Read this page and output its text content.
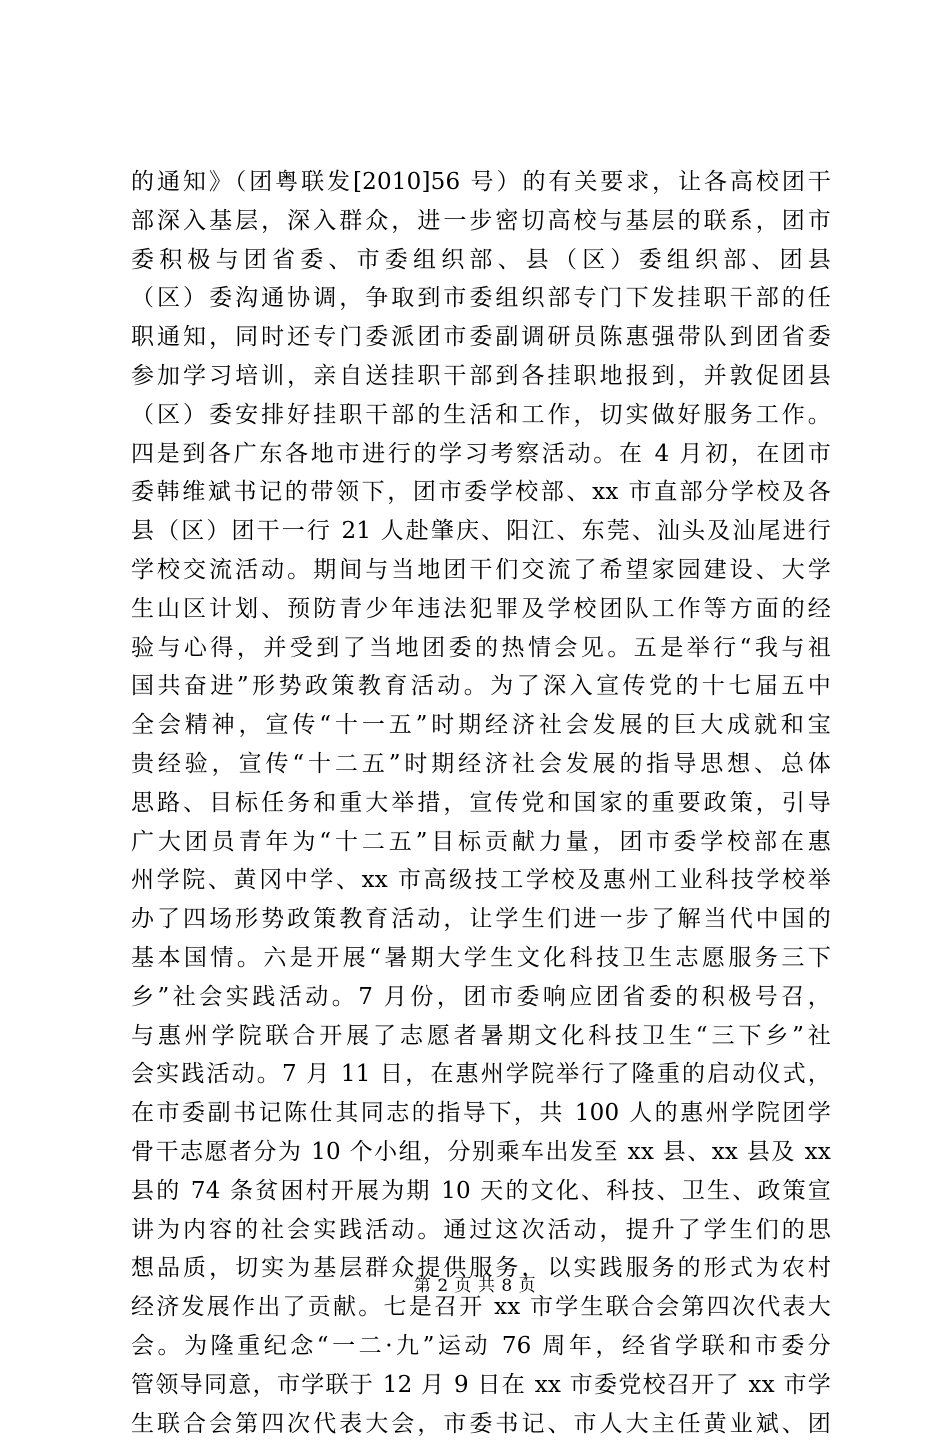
的通知》（团粤联发[2010]56 号）的有关要求，让各高校团干
部深入基层，深入群众，进一步密切高校与基层的联系，团市
委积极与团省委、市委组织部、县（区）委组织部、团县
（区）委沟通协调，争取到市委组织部专门下发挂职干部的任
职通知，同时还专门委派团市委副调研员陈惠强带队到团省委
参加学习培训，亲自送挂职干部到各挂职地报到，并敦促团县
（区）委安排好挂职干部的生活和工作，切实做好服务工作。
四是到各广东各地市进行的学习考察活动。在 4 月初，在团市
委韩维斌书记的带领下，团市委学校部、xx 市直部分学校及各
县（区）团干一行 21 人赴肇庆、阳江、东莞、汕头及汕尾进行
学校交流活动。期间与当地团干们交流了希望家园建设、大学
生山区计划、预防青少年违法犯罪及学校团队工作等方面的经
验与心得，并受到了当地团委的热情会见。五是举行“我与祖
国共奋进”形势政策教育活动。为了深入宣传党的十七届五中
全会精神，宣传“十一五”时期经济社会发展的巨大成就和宝
贵经验，宣传“十二五”时期经济社会发展的指导思想、总体
思路、目标任务和重大举措，宣传党和国家的重要政策，引导
广大团员青年为“十二五”目标贡献力量，团市委学校部在惠
州学院、黄冈中学、xx 市高级技工学校及惠州工业科技学校举
办了四场形势政策教育活动，让学生们进一步了解当代中国的
基本国情。六是开展“暑期大学生文化科技卫生志愿服务三下
乡”社会实践活动。7 月份，团市委响应团省委的积极号召，
与惠州学院联合开展了志愿者暑期文化科技卫生“三下乡”社
会实践活动。7 月 11 日，在惠州学院举行了隆重的启动仪式，
在市委副书记陈仕其同志的指导下，共 100 人的惠州学院团学
骨干志愿者分为 10 个小组，分别乘车出发至 xx 县、xx 县及 xx
县的 74 条贫困村开展为期 10 天的文化、科技、卫生、政策宣
讲为内容的社会实践活动。通过这次活动，提升了学生们的思
想品质，切实为基层群众提供服务，以实践服务的形式为农村
经济发展作出了贡献。七是召开 xx 市学生联合会第四次代表大
会。为隆重纪念“一二·九”运动 76 周年，经省学联和市委分
管领导同意，市学联于 12 月 9 日在 xx 市委党校召开了 xx 市学
生联合会第四次代表大会，市委书记、市人大主任黄业斌、团
第 2 页 共 8 页
